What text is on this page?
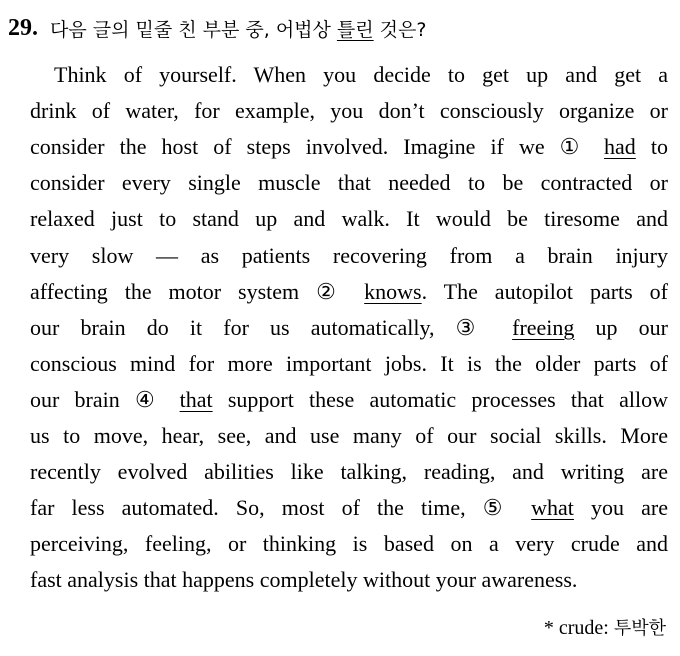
29. 다음 글의 밑줄 친 부분 중, 어법상 틀린 것은?
Think of yourself. When you decide to get up and get a
drink of water, for example, you don’t consciously organize or
consider the host of steps involved. Imagine if we ① had to
consider every single muscle that needed to be contracted or
relaxed just to stand up and walk. It would be tiresome and
very slow — as patients recovering from a brain injury
affecting the motor system ② knows. The autopilot parts of
our brain do it for us automatically, ③ freeing up our
conscious mind for more important jobs. It is the older parts of
our brain ④ that support these automatic processes that allow
us to move, hear, see, and use many of our social skills. More
recently evolved abilities like talking, reading, and writing are
far less automated. So, most of the time, ⑤ what you are
perceiving, feeling, or thinking is based on a very crude and
fast analysis that happens completely without your awareness.
* crude: 투박한
